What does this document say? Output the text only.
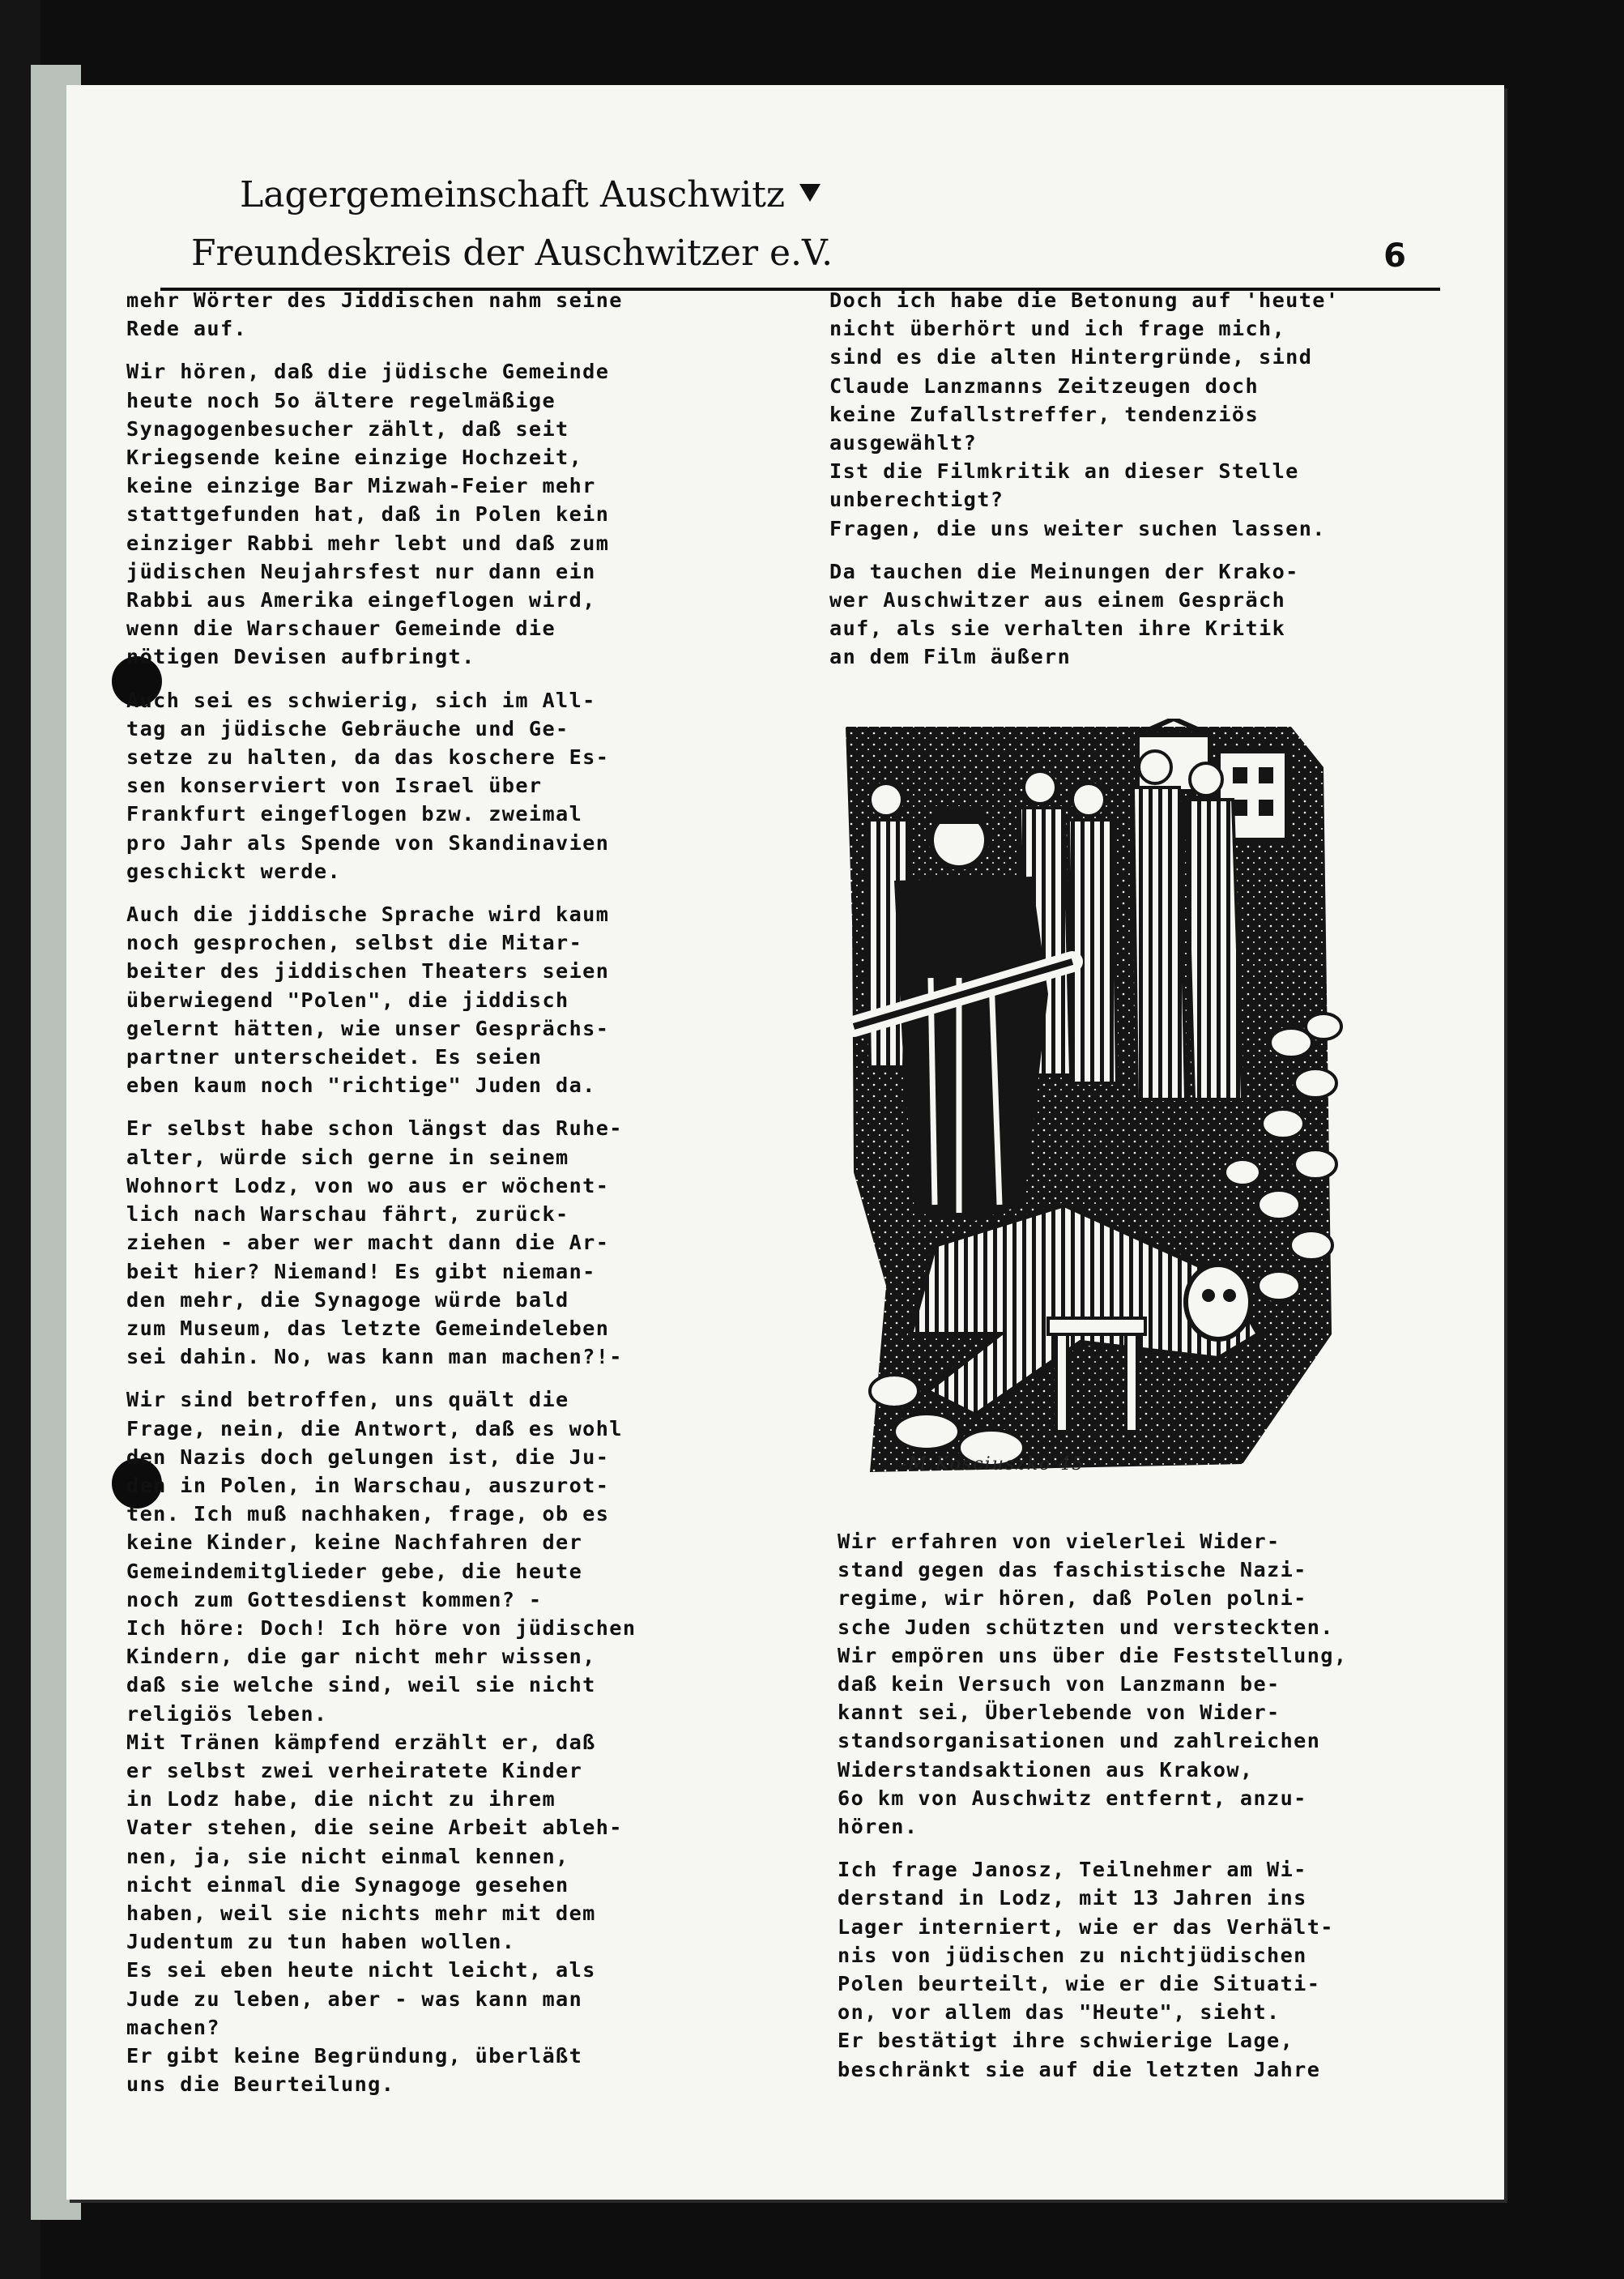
Lagergemeinschaft Auschwitz
Freundeskreis der Auschwitzer e.V.	6

mehr Wörter des Jiddischen nahm seine
Rede auf.

Wir hören, daß die jüdische Gemeinde
heute noch 5o ältere regelmäßige
Synagogenbesucher zählt, daß seit
Kriegsende keine einzige Hochzeit,
keine einzige Bar Mizwah-Feier mehr
stattgefunden hat, daß in Polen kein
einziger Rabbi mehr lebt und daß zum
jüdischen Neujahrsfest nur dann ein
Rabbi aus Amerika eingeflogen wird,
wenn die Warschauer Gemeinde die
nötigen Devisen aufbringt.

Auch sei es schwierig, sich im All-
tag an jüdische Gebräuche und Ge-
setze zu halten, da das koschere Es-
sen konserviert von Israel über
Frankfurt eingeflogen bzw. zweimal
pro Jahr als Spende von Skandinavien
geschickt werde.

Auch die jiddische Sprache wird kaum
noch gesprochen, selbst die Mitar-
beiter des jiddischen Theaters seien
überwiegend "Polen", die jiddisch
gelernt hätten, wie unser Gesprächs-
partner unterscheidet. Es seien
eben kaum noch "richtige" Juden da.

Er selbst habe schon längst das Ruhe-
alter, würde sich gerne in seinem
Wohnort Lodz, von wo aus er wöchent-
lich nach Warschau fährt, zurück-
ziehen - aber wer macht dann die Ar-
beit hier? Niemand! Es gibt nieman-
den mehr, die Synagoge würde bald
zum Museum, das letzte Gemeindeleben
sei dahin. No, was kann man machen?!-

Wir sind betroffen, uns quält die
Frage, nein, die Antwort, daß es wohl
den Nazis doch gelungen ist, die Ju-
den in Polen, in Warschau, auszurot-
ten. Ich muß nachhaken, frage, ob es
keine Kinder, keine Nachfahren der
Gemeindemitglieder gebe, die heute
noch zum Gottesdienst kommen? -
Ich höre: Doch! Ich höre von jüdischen
Kindern, die gar nicht mehr wissen,
daß sie welche sind, weil sie nicht
religiös leben.
Mit Tränen kämpfend erzählt er, daß
er selbst zwei verheiratete Kinder
in Lodz habe, die nicht zu ihrem
Vater stehen, die seine Arbeit ableh-
nen, ja, sie nicht einmal kennen,
nicht einmal die Synagoge gesehen
haben, weil sie nichts mehr mit dem
Judentum zu tun haben wollen.
Es sei eben heute nicht leicht, als
Jude zu leben, aber - was kann man
machen?
Er gibt keine Begründung, überläßt
uns die Beurteilung.

Doch ich habe die Betonung auf 'heute'
nicht überhört und ich frage mich,
sind es die alten Hintergründe, sind
Claude Lanzmanns Zeitzeugen doch
keine Zufallstreffer, tendenziös
ausgewählt?
Ist die Filmkritik an dieser Stelle
unberechtigt?
Fragen, die uns weiter suchen lassen.

Da tauchen die Meinungen der Krako-
wer Auschwitzer aus einem Gespräch
auf, als sie verhalten ihre Kritik
an dem Film äußern

-M.Kosciuszko 45

Wir erfahren von vielerlei Wider-
stand gegen das faschistische Nazi-
regime, wir hören, daß Polen polni-
sche Juden schützten und versteckten.
Wir empören uns über die Feststellung,
daß kein Versuch von Lanzmann be-
kannt sei, Überlebende von Wider-
standsorganisationen und zahlreichen
Widerstandsaktionen aus Krakow,
6o km von Auschwitz entfernt, anzu-
hören.

Ich frage Janosz, Teilnehmer am Wi-
derstand in Lodz, mit 13 Jahren ins
Lager interniert, wie er das Verhält-
nis von jüdischen zu nichtjüdischen
Polen beurteilt, wie er die Situati-
on, vor allem das "Heute", sieht.
Er bestätigt ihre schwierige Lage,
beschränkt sie auf die letzten Jahre
